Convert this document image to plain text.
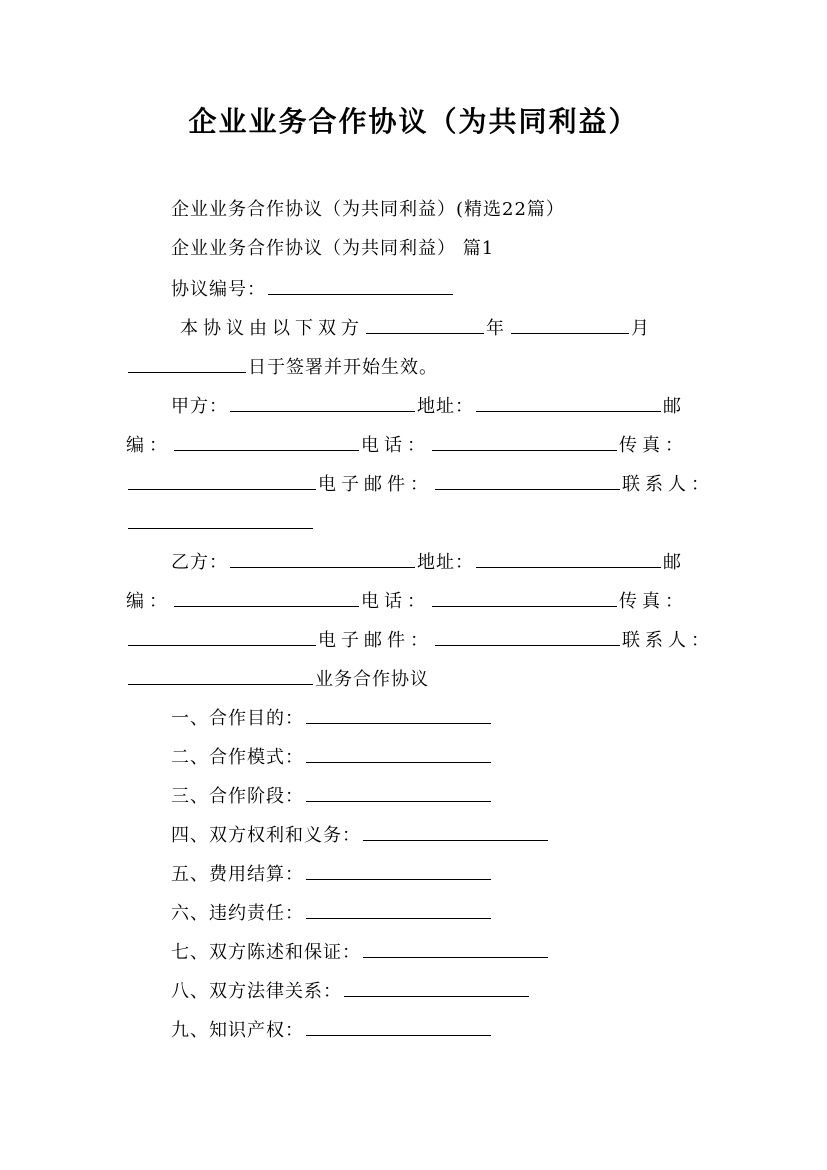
企业业务合作协议（为共同利益）
企业业务合作协议（为共同利益）(精选22篇）
企业业务合作协议（为共同利益） 篇1
协议编号：
本协议由以下双方	年	月
日于签署并开始生效。
甲方：	地址：	邮
编：	电话：	传真：
电子邮件：	联系人：
乙方：	地址：	邮
编：	电话：	传真：
电子邮件：	联系人：
业务合作协议
一、合作目的：
二、合作模式：
三、合作阶段：
四、双方权利和义务：
五、费用结算：
六、违约责任：
七、双方陈述和保证：
八、双方法律关系：
九、知识产权：
